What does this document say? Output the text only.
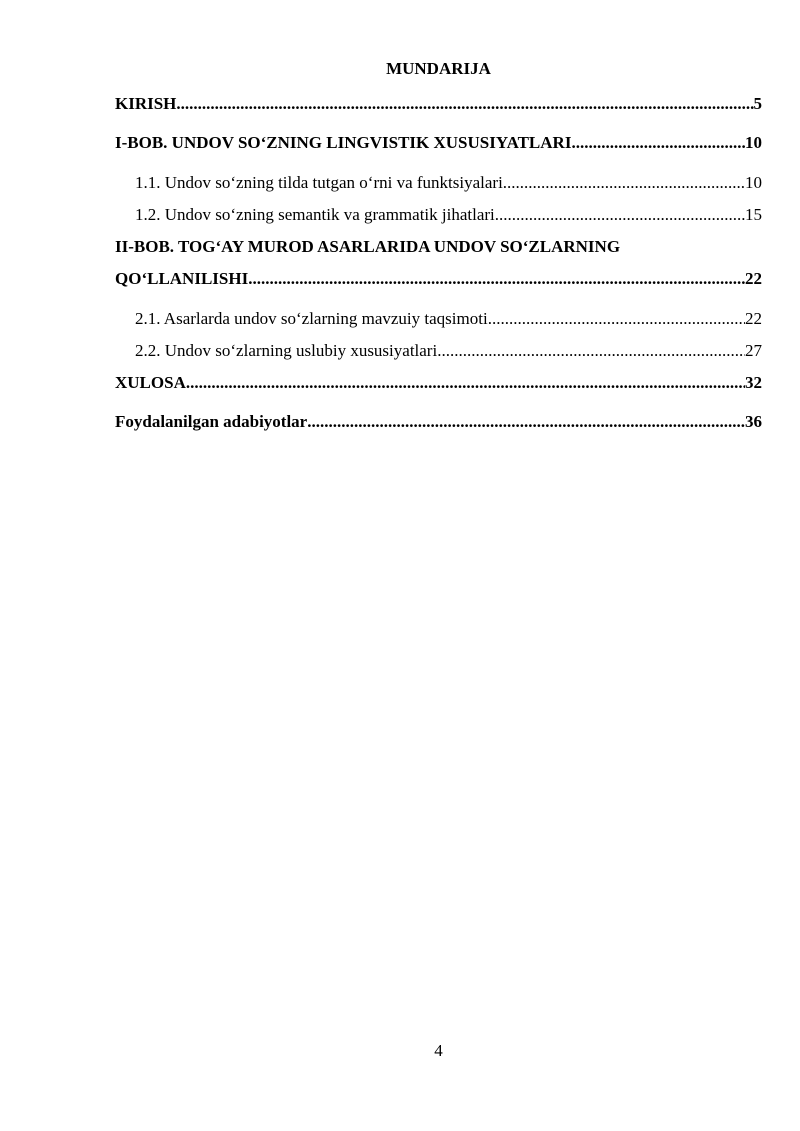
MUNDARIJA
KIRISH .....	5
I-BOB. UNDOV SO‘ZNING LINGVISTIK XUSUSIYATLARI .....	10
1.1. Undov so‘zning tilda tutgan o‘rni va funktsiyalari .....	10
1.2. Undov so‘zning semantik va grammatik jihatlari .....	15
II-BOB. TOG‘AY MUROD ASARLARIDA UNDOV SO‘ZLARNING
QO‘LLANILISHI .....	22
2.1. Asarlarda undov so‘zlarning mavzuiy taqsimoti .....	22
2.2. Undov so‘zlarning uslubiy xususiyatlari .....	27
XULOSA .....	32
Foydalanilgan adabiyotlar .....	36
4
